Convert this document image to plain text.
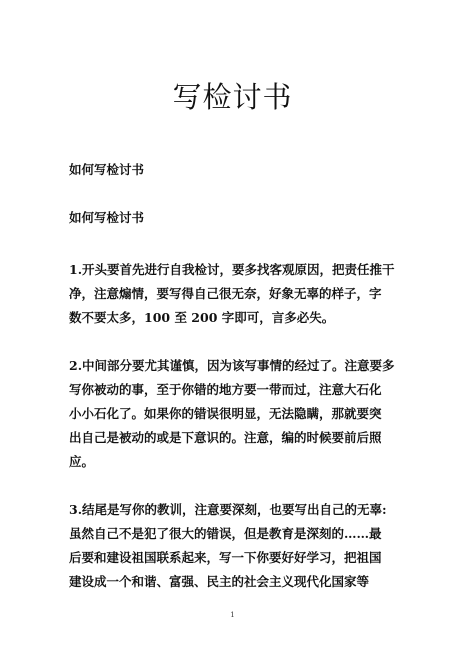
写检讨书

如何写检讨书

如何写检讨书

1.开头要首先进行自我检讨，要多找客观原因，把责任推干
净，注意煽情，要写得自己很无奈，好象无辜的样子，字
数不要太多，100 至 200 字即可，言多必失。
2.中间部分要尤其谨慎，因为该写事情的经过了。注意要多
写你被动的事，至于你错的地方要一带而过，注意大石化
小小石化了。如果你的错误很明显，无法隐瞒，那就要突
出自己是被动的或是下意识的。注意，编的时候要前后照
应。
3.结尾是写你的教训，注意要深刻，也要写出自己的无辜:
虽然自己不是犯了很大的错误，但是教育是深刻的……最
后要和建设祖国联系起来，写一下你要好好学习，把祖国
建设成一个和谐、富强、民主的社会主义现代化国家等
1
